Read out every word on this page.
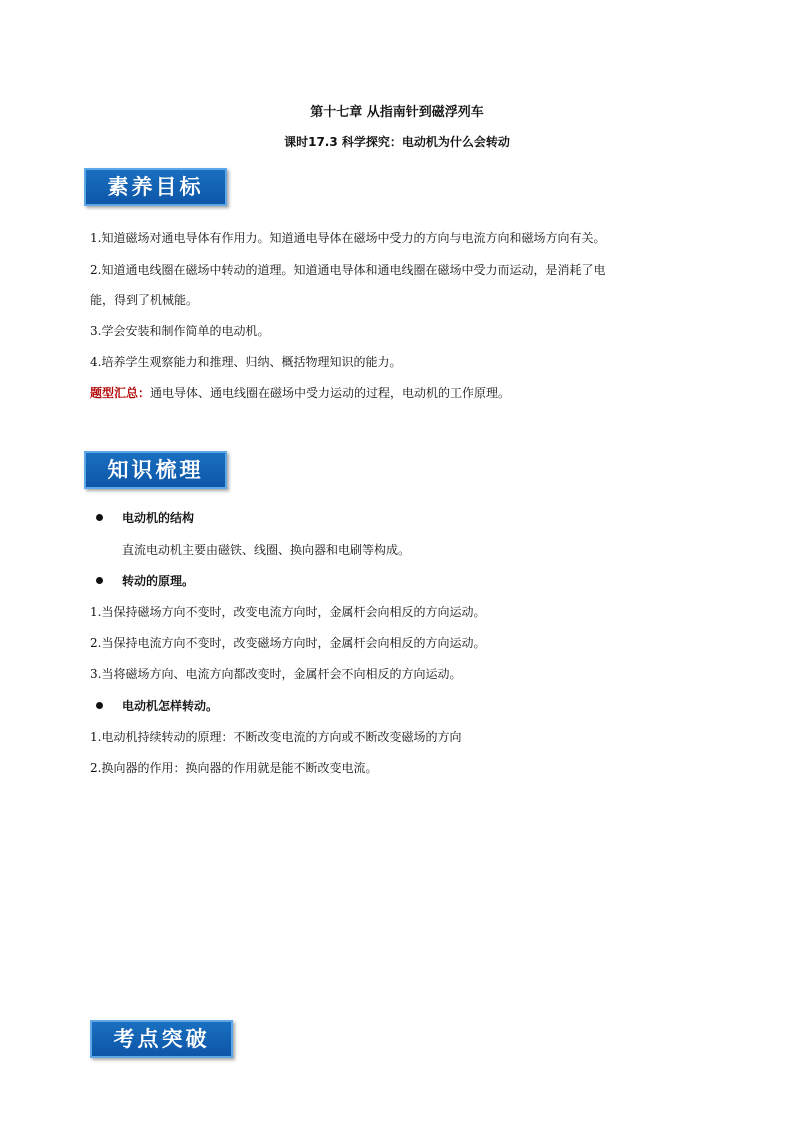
第十七章 从指南针到磁浮列车
课时17.3 科学探究：电动机为什么会转动
素养目标
1.知道磁场对通电导体有作用力。知道通电导体在磁场中受力的方向与电流方向和磁场方向有关。
2.知道通电线圈在磁场中转动的道理。知道通电导体和通电线圈在磁场中受力而运动，是消耗了电
能，得到了机械能。
3.学会安装和制作简单的电动机。
4.培养学生观察能力和推理、归纳、概括物理知识的能力。
题型汇总：通电导体、通电线圈在磁场中受力运动的过程，电动机的工作原理。
知识梳理
电动机的结构
直流电动机主要由磁铁、线圈、换向器和电刷等构成。
转动的原理。
1.当保持磁场方向不变时，改变电流方向时，金属杆会向相反的方向运动。
2.当保持电流方向不变时，改变磁场方向时，金属杆会向相反的方向运动。
3.当将磁场方向、电流方向都改变时，金属杆会不向相反的方向运动。
电动机怎样转动。
1.电动机持续转动的原理：不断改变电流的方向或不断改变磁场的方向
2.换向器的作用：换向器的作用就是能不断改变电流。
考点突破
